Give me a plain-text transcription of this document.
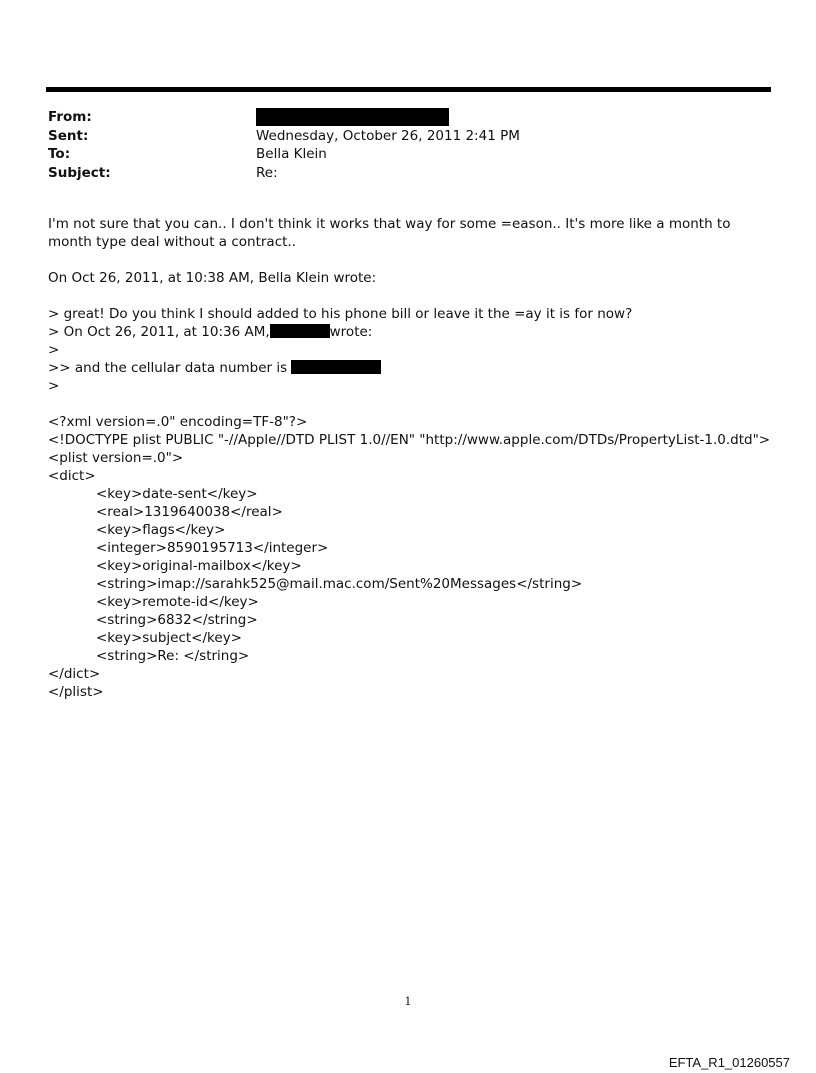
From:
Sent:	Wednesday, October 26, 2011 2:41 PM
To:	Bella Klein
Subject:	Re:
I'm not sure that you can.. I don't think it works that way for some =eason.. It's more like a month to month type deal without a contract..
On Oct 26, 2011, at 10:38 AM, Bella Klein wrote:
> great! Do you think I should added to his phone bill or leave it the =ay it is for now?
> On Oct 26, 2011, at 10:36 AM,	wrote:
>
>> and the cellular data number is
>
<?xml version=.0" encoding=TF-8"?>
<!DOCTYPE plist PUBLIC "-//Apple//DTD PLIST 1.0//EN" "http://www.apple.com/DTDs/PropertyList-1.0.dtd">
<plist version=.0">
<dict>
<key>date-sent</key>
<real>1319640038</real>
<key>flags</key>
<integer>8590195713</integer>
<key>original-mailbox</key>
<string>imap://sarahk525@mail.mac.com/Sent%20Messages</string>
<key>remote-id</key>
<string>6832</string>
<key>subject</key>
<string>Re: </string>
</dict>
</plist>
1
EFTA_R1_01260557
